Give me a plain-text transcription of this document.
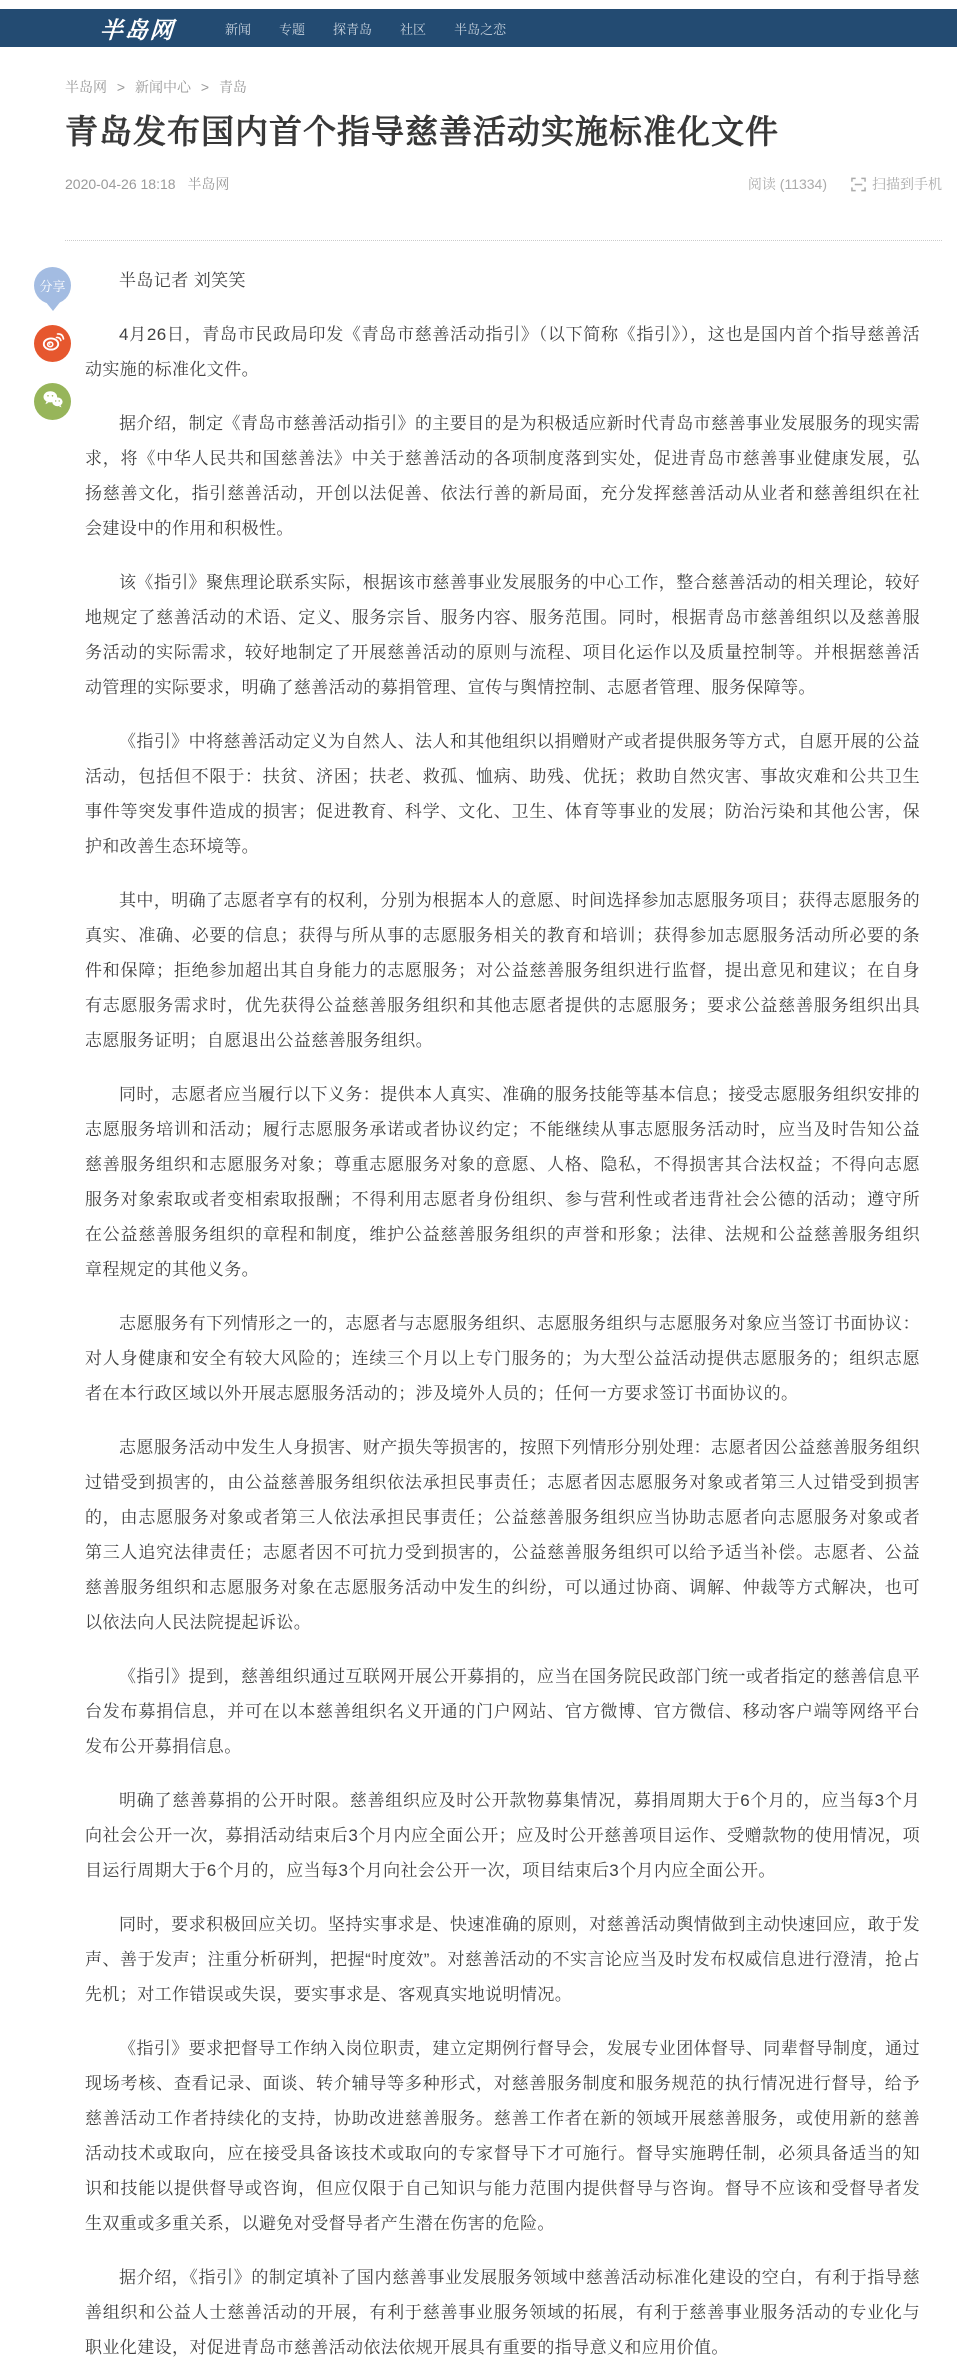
半岛网	新闻 专题 探青岛 社区 半岛之恋
半岛网 > 新闻中心 > 青岛
青岛发布国内首个指导慈善活动实施标准化文件
2020-04-26 18:18 半岛网	阅读 (11334)	扫描到手机

半岛记者 刘笑笑

4月26日，青岛市民政局印发《青岛市慈善活动指引》（以下简称《指引》），这也是国内首个指导慈善活动实施的标准化文件。

据介绍，制定《青岛市慈善活动指引》的主要目的是为积极适应新时代青岛市慈善事业发展服务的现实需求，将《中华人民共和国慈善法》中关于慈善活动的各项制度落到实处，促进青岛市慈善事业健康发展，弘扬慈善文化，指引慈善活动，开创以法促善、依法行善的新局面，充分发挥慈善活动从业者和慈善组织在社会建设中的作用和积极性。

该《指引》聚焦理论联系实际，根据该市慈善事业发展服务的中心工作，整合慈善活动的相关理论，较好地规定了慈善活动的术语、定义、服务宗旨、服务内容、服务范围。同时，根据青岛市慈善组织以及慈善服务活动的实际需求，较好地制定了开展慈善活动的原则与流程、项目化运作以及质量控制等。并根据慈善活动管理的实际要求，明确了慈善活动的募捐管理、宣传与舆情控制、志愿者管理、服务保障等。

《指引》中将慈善活动定义为自然人、法人和其他组织以捐赠财产或者提供服务等方式，自愿开展的公益活动，包括但不限于：扶贫、济困；扶老、救孤、恤病、助残、优抚；救助自然灾害、事故灾难和公共卫生事件等突发事件造成的损害；促进教育、科学、文化、卫生、体育等事业的发展；防治污染和其他公害，保护和改善生态环境等。

其中，明确了志愿者享有的权利，分别为根据本人的意愿、时间选择参加志愿服务项目；获得志愿服务的真实、准确、必要的信息；获得与所从事的志愿服务相关的教育和培训；获得参加志愿服务活动所必要的条件和保障；拒绝参加超出其自身能力的志愿服务；对公益慈善服务组织进行监督，提出意见和建议；在自身有志愿服务需求时，优先获得公益慈善服务组织和其他志愿者提供的志愿服务；要求公益慈善服务组织出具志愿服务证明；自愿退出公益慈善服务组织。

同时，志愿者应当履行以下义务：提供本人真实、准确的服务技能等基本信息；接受志愿服务组织安排的志愿服务培训和活动；履行志愿服务承诺或者协议约定；不能继续从事志愿服务活动时，应当及时告知公益慈善服务组织和志愿服务对象；尊重志愿服务对象的意愿、人格、隐私，不得损害其合法权益；不得向志愿服务对象索取或者变相索取报酬；不得利用志愿者身份组织、参与营利性或者违背社会公德的活动；遵守所在公益慈善服务组织的章程和制度，维护公益慈善服务组织的声誉和形象；法律、法规和公益慈善服务组织章程规定的其他义务。

志愿服务有下列情形之一的，志愿者与志愿服务组织、志愿服务组织与志愿服务对象应当签订书面协议：对人身健康和安全有较大风险的；连续三个月以上专门服务的；为大型公益活动提供志愿服务的；组织志愿者在本行政区域以外开展志愿服务活动的；涉及境外人员的；任何一方要求签订书面协议的。

志愿服务活动中发生人身损害、财产损失等损害的，按照下列情形分别处理：志愿者因公益慈善服务组织过错受到损害的，由公益慈善服务组织依法承担民事责任；志愿者因志愿服务对象或者第三人过错受到损害的，由志愿服务对象或者第三人依法承担民事责任；公益慈善服务组织应当协助志愿者向志愿服务对象或者第三人追究法律责任；志愿者因不可抗力受到损害的，公益慈善服务组织可以给予适当补偿。志愿者、公益慈善服务组织和志愿服务对象在志愿服务活动中发生的纠纷，可以通过协商、调解、仲裁等方式解决，也可以依法向人民法院提起诉讼。

《指引》提到，慈善组织通过互联网开展公开募捐的，应当在国务院民政部门统一或者指定的慈善信息平台发布募捐信息，并可在以本慈善组织名义开通的门户网站、官方微博、官方微信、移动客户端等网络平台发布公开募捐信息。

明确了慈善募捐的公开时限。慈善组织应及时公开款物募集情况，募捐周期大于6个月的，应当每3个月向社会公开一次，募捐活动结束后3个月内应全面公开；应及时公开慈善项目运作、受赠款物的使用情况，项目运行周期大于6个月的，应当每3个月向社会公开一次，项目结束后3个月内应全面公开。

同时，要求积极回应关切。坚持实事求是、快速准确的原则，对慈善活动舆情做到主动快速回应，敢于发声、善于发声；注重分析研判，把握“时度效”。对慈善活动的不实言论应当及时发布权威信息进行澄清，抢占先机；对工作错误或失误，要实事求是、客观真实地说明情况。

《指引》要求把督导工作纳入岗位职责，建立定期例行督导会，发展专业团体督导、同辈督导制度，通过现场考核、查看记录、面谈、转介辅导等多种形式，对慈善服务制度和服务规范的执行情况进行督导，给予慈善活动工作者持续化的支持，协助改进慈善服务。慈善工作者在新的领域开展慈善服务，或使用新的慈善活动技术或取向，应在接受具备该技术或取向的专家督导下才可施行。督导实施聘任制，必须具备适当的知识和技能以提供督导或咨询，但应仅限于自己知识与能力范围内提供督导与咨询。督导不应该和受督导者发生双重或多重关系，以避免对受督导者产生潜在伤害的危险。

据介绍，《指引》的制定填补了国内慈善事业发展服务领域中慈善活动标准化建设的空白，有利于指导慈善组织和公益人士慈善活动的开展，有利于慈善事业服务领域的拓展，有利于慈善事业服务活动的专业化与职业化建设，对促进青岛市慈善活动依法依规开展具有重要的指导意义和应用价值。

分享
